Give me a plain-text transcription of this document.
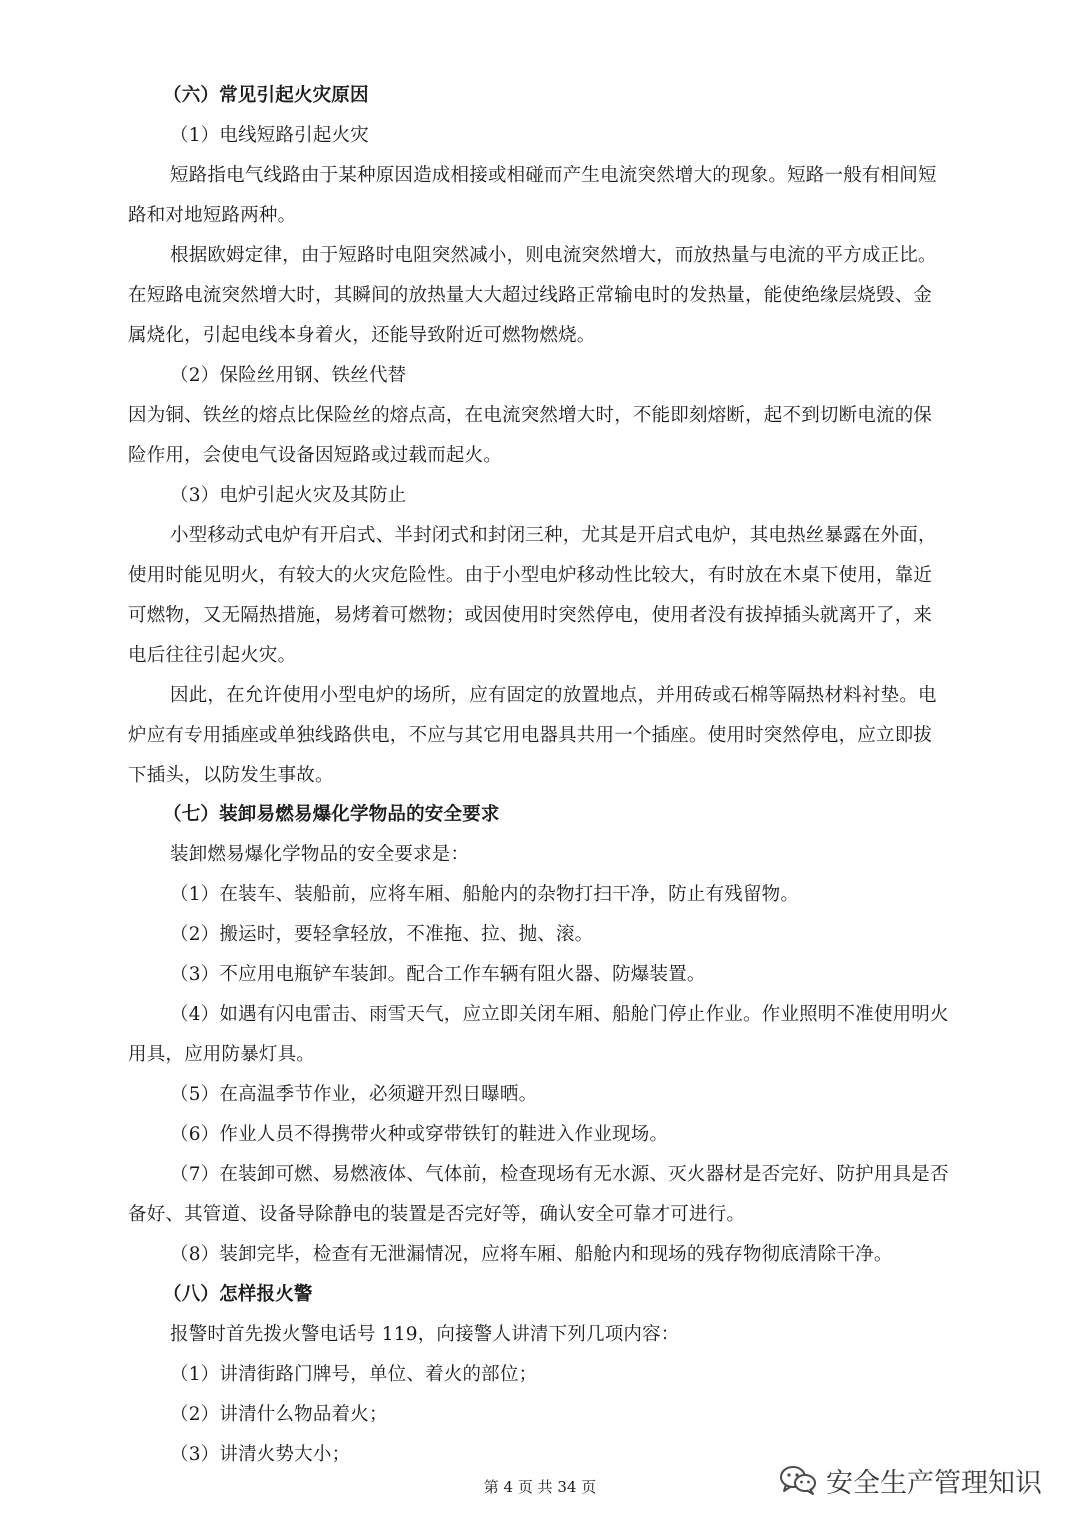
（六）常见引起火灾原因
（1）电线短路引起火灾
短路指电气线路由于某种原因造成相接或相碰而产生电流突然增大的现象。短路一般有相间短
路和对地短路两种。
根据欧姆定律，由于短路时电阻突然减小，则电流突然增大，而放热量与电流的平方成正比。
在短路电流突然增大时，其瞬间的放热量大大超过线路正常输电时的发热量，能使绝缘层烧毁、金
属烧化，引起电线本身着火，还能导致附近可燃物燃烧。
（2）保险丝用钢、铁丝代替
因为铜、铁丝的熔点比保险丝的熔点高，在电流突然增大时，不能即刻熔断，起不到切断电流的保
险作用，会使电气设备因短路或过载而起火。
（3）电炉引起火灾及其防止
小型移动式电炉有开启式、半封闭式和封闭三种，尤其是开启式电炉，其电热丝暴露在外面，
使用时能见明火，有较大的火灾危险性。由于小型电炉移动性比较大，有时放在木桌下使用，靠近
可燃物，又无隔热措施，易烤着可燃物；或因使用时突然停电，使用者没有拔掉插头就离开了，来
电后往往引起火灾。
因此，在允许使用小型电炉的场所，应有固定的放置地点，并用砖或石棉等隔热材料衬垫。电
炉应有专用插座或单独线路供电，不应与其它用电器具共用一个插座。使用时突然停电，应立即拔
下插头，以防发生事故。
（七）装卸易燃易爆化学物品的安全要求
装卸燃易爆化学物品的安全要求是：
（1）在装车、装船前，应将车厢、船舱内的杂物打扫干净，防止有残留物。
（2）搬运时，要轻拿轻放，不准拖、拉、抛、滚。
（3）不应用电瓶铲车装卸。配合工作车辆有阻火器、防爆装置。
（4）如遇有闪电雷击、雨雪天气，应立即关闭车厢、船舱门停止作业。作业照明不准使用明火
用具，应用防暴灯具。
（5）在高温季节作业，必须避开烈日曝晒。
（6）作业人员不得携带火种或穿带铁钉的鞋进入作业现场。
（7）在装卸可燃、易燃液体、气体前，检查现场有无水源、灭火器材是否完好、防护用具是否
备好、其管道、设备导除静电的装置是否完好等，确认安全可靠才可进行。
（8）装卸完毕，检查有无泄漏情况，应将车厢、船舱内和现场的残存物彻底清除干净。
（八）怎样报火警
报警时首先拨火警电话号 119，向接警人讲清下列几项内容：
（1）讲清街路门牌号，单位、着火的部位；
（2）讲清什么物品着火；
（3）讲清火势大小；
第 4 页 共 34 页	安全生产管理知识
